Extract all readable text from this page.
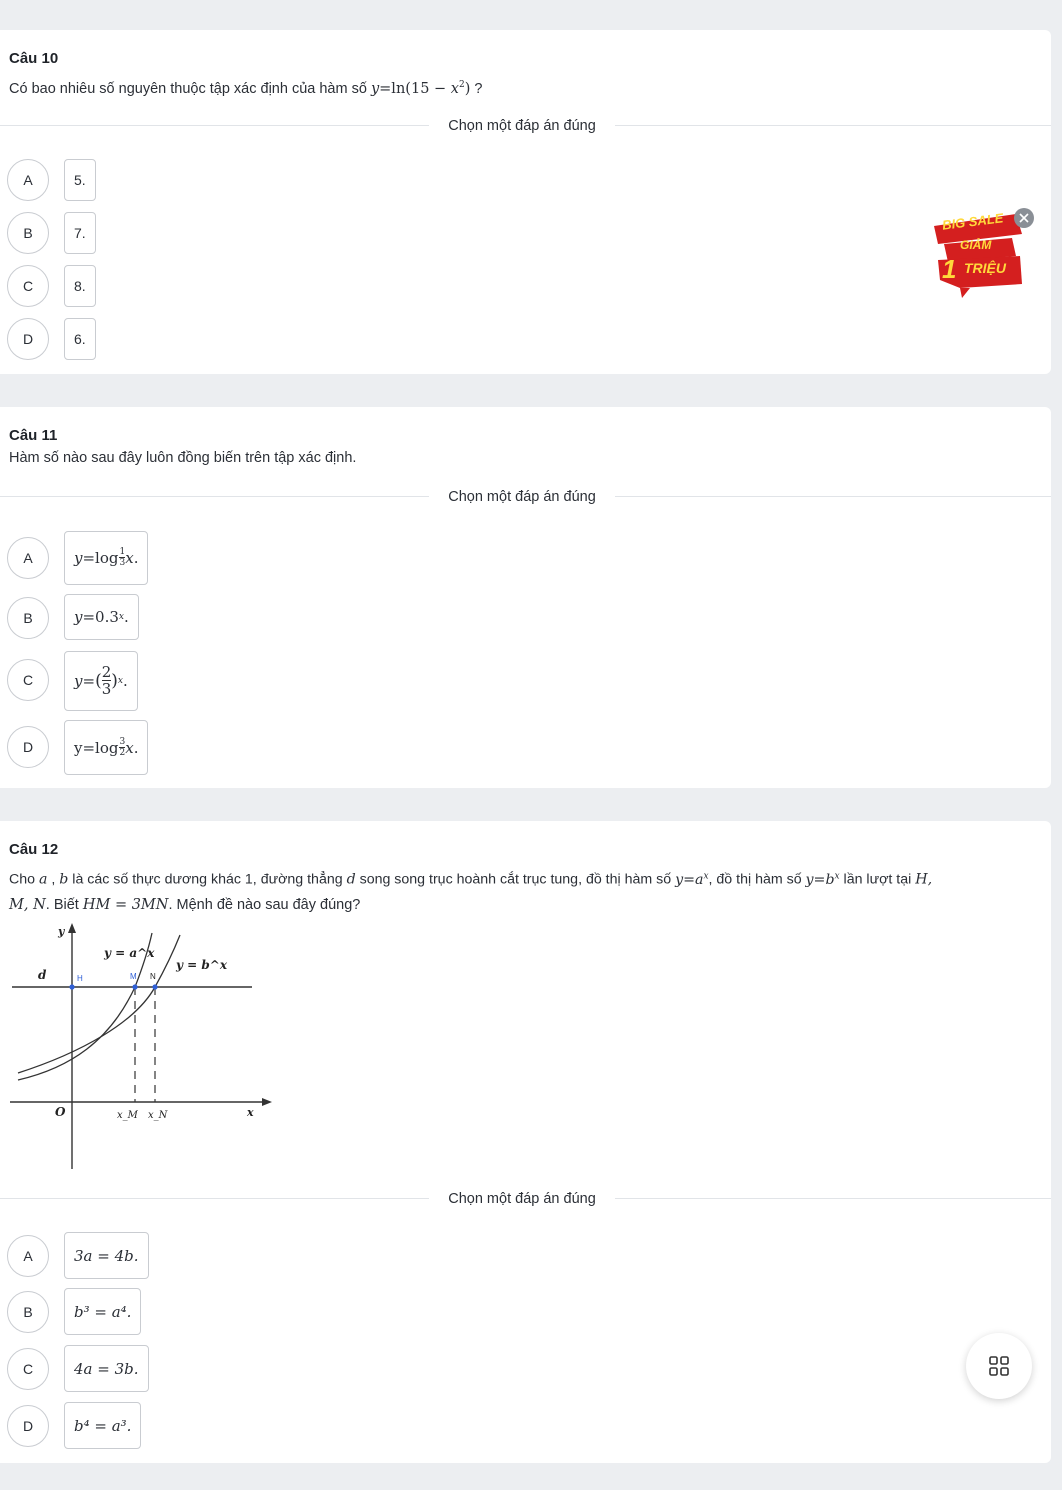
Câu 10
Có bao nhiêu số nguyên thuộc tập xác định của hàm số $y=\ln(15 - x^2)$ ?
Chọn một đáp án đúng
A	5.
B	7.
C	8.
D	6.
BIG SALE
GIẢM
1 TRIỆU
Câu 11
Hàm số nào sau đây luôn đồng biến trên tập xác định.
Chọn một đáp án đúng
A	$y =\log \frac{1}{3}$ x .
B	y =0.3 x .
C	y = ( $\frac{2}{3}$ ) x .
D	$y=\log \frac{3}{2}$ x .
Câu 12
Cho a , b là các số thực dương khác 1, đường thẳng d song song trục hoành cắt trục tung, đồ thị hàm số $y=a^x$, đồ thị hàm số $y=b^x$ lần lượt tại H,
M, N. Biết HM = 3MN. Mệnh đề nào sau đây đúng?
y
d	H	M N
y = a^x
y = b^x
O	x_M x_N	x
Chọn một đáp án đúng
A	3a = 4b.
B	b³ = a⁴.
C	4a = 3b.
D	b⁴ = a³.
